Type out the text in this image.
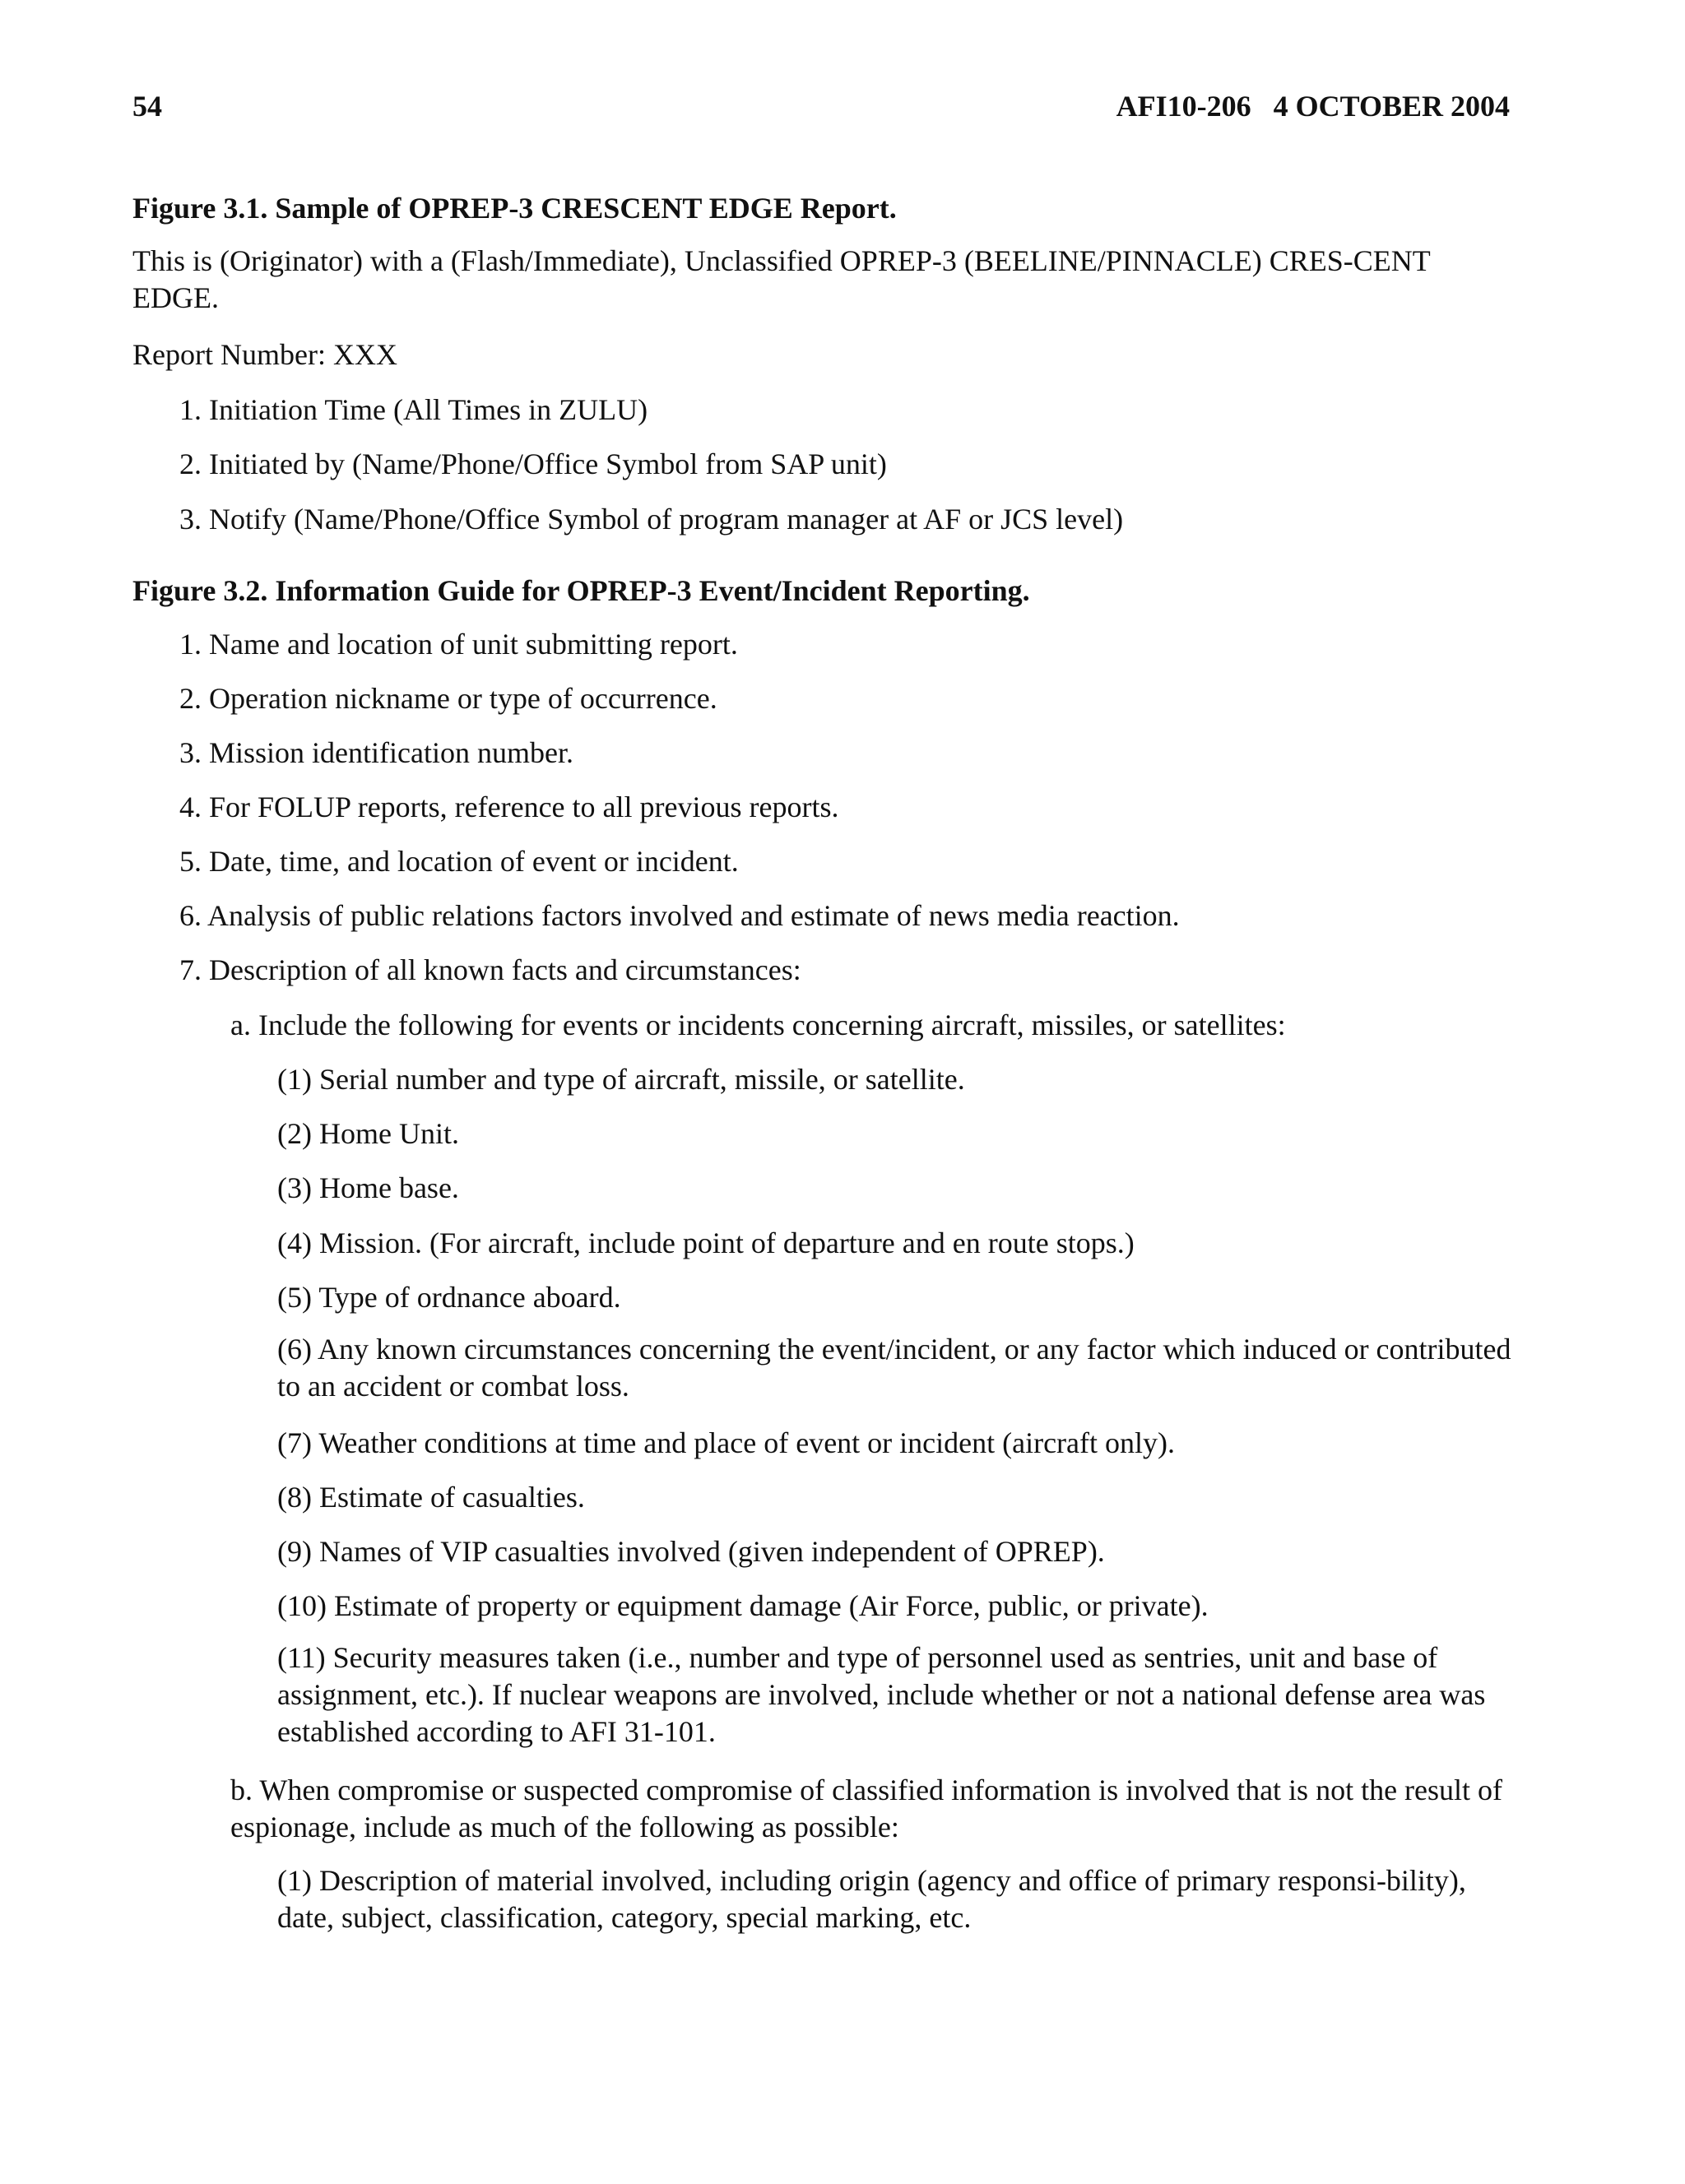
54	AFI10-206   4 OCTOBER 2004
Figure 3.1. Sample of OPREP-3 CRESCENT EDGE Report.
This is (Originator) with a (Flash/Immediate), Unclassified OPREP-3 (BEELINE/PINNACLE) CRES-CENT EDGE.
Report Number: XXX
1. Initiation Time (All Times in ZULU)
2. Initiated by (Name/Phone/Office Symbol from SAP unit)
3. Notify (Name/Phone/Office Symbol of program manager at AF or JCS level)
Figure 3.2. Information Guide for OPREP-3 Event/Incident Reporting.
1. Name and location of unit submitting report.
2. Operation nickname or type of occurrence.
3. Mission identification number.
4. For FOLUP reports, reference to all previous reports.
5. Date, time, and location of event or incident.
6. Analysis of public relations factors involved and estimate of news media reaction.
7. Description of all known facts and circumstances:
a. Include the following for events or incidents concerning aircraft, missiles, or satellites:
(1) Serial number and type of aircraft, missile, or satellite.
(2) Home Unit.
(3) Home base.
(4) Mission. (For aircraft, include point of departure and en route stops.)
(5) Type of ordnance aboard.
(6) Any known circumstances concerning the event/incident, or any factor which induced or contributed to an accident or combat loss.
(7) Weather conditions at time and place of event or incident (aircraft only).
(8) Estimate of casualties.
(9) Names of VIP casualties involved (given independent of OPREP).
(10) Estimate of property or equipment damage (Air Force, public, or private).
(11) Security measures taken (i.e., number and type of personnel used as sentries, unit and base of assignment, etc.). If nuclear weapons are involved, include whether or not a national defense area was established according to AFI 31-101.
b. When compromise or suspected compromise of classified information is involved that is not the result of espionage, include as much of the following as possible:
(1) Description of material involved, including origin (agency and office of primary responsi-bility), date, subject, classification, category, special marking, etc.
